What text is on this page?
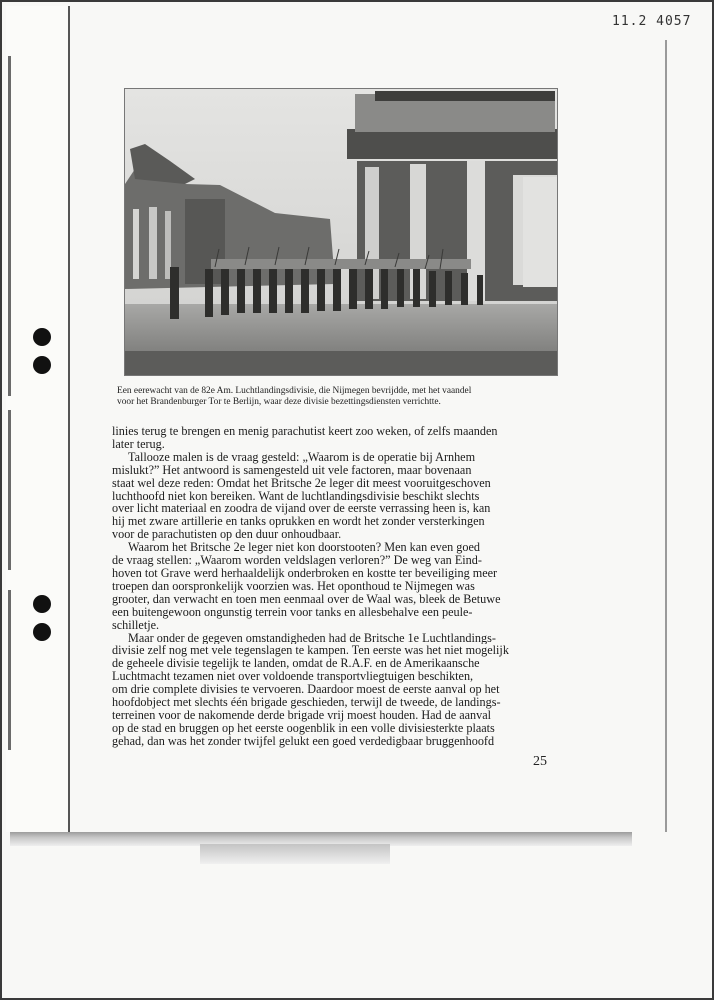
11.2 4057
Een eerewacht van de 82e Am. Luchtlandingsdivisie, die Nijmegen bevrijdde, met het vaandel
voor het Brandenburger Tor te Berlijn, waar deze divisie bezettingsdiensten verrichtte.
linies terug te brengen en menig parachutist keert zoo weken, of zelfs maanden
later terug.
Tallooze malen is de vraag gesteld: „Waarom is de operatie bij Arnhem
mislukt?” Het antwoord is samengesteld uit vele factoren, maar bovenaan
staat wel deze reden: Omdat het Britsche 2e leger dit meest vooruitgeschoven
luchthoofd niet kon bereiken. Want de luchtlandingsdivisie beschikt slechts
over licht materiaal en zoodra de vijand over de eerste verrassing heen is, kan
hij met zware artillerie en tanks oprukken en wordt het zonder versterkingen
voor de parachutisten op den duur onhoudbaar.
Waarom het Britsche 2e leger niet kon doorstooten? Men kan even goed
de vraag stellen: „Waarom worden veldslagen verloren?” De weg van Eind-
hoven tot Grave werd herhaaldelijk onderbroken en kostte ter beveiliging meer
troepen dan oorspronkelijk voorzien was. Het oponthoud te Nijmegen was
grooter, dan verwacht en toen men eenmaal over de Waal was, bleek de Betuwe
een buitengewoon ongunstig terrein voor tanks en allesbehalve een peule-
schilletje.
Maar onder de gegeven omstandigheden had de Britsche 1e Luchtlandings-
divisie zelf nog met vele tegenslagen te kampen. Ten eerste was het niet mogelijk
de geheele divisie tegelijk te landen, omdat de R.A.F. en de Amerikaansche
Luchtmacht tezamen niet over voldoende transportvliegtuigen beschikten,
om drie complete divisies te vervoeren. Daardoor moest de eerste aanval op het
hoofdobject met slechts één brigade geschieden, terwijl de tweede, de landings-
terreinen voor de nakomende derde brigade vrij moest houden. Had de aanval
op de stad en bruggen op het eerste oogenblik in een volle divisiesterkte plaats
gehad, dan was het zonder twijfel gelukt een goed verdedigbaar bruggenhoofd
25
